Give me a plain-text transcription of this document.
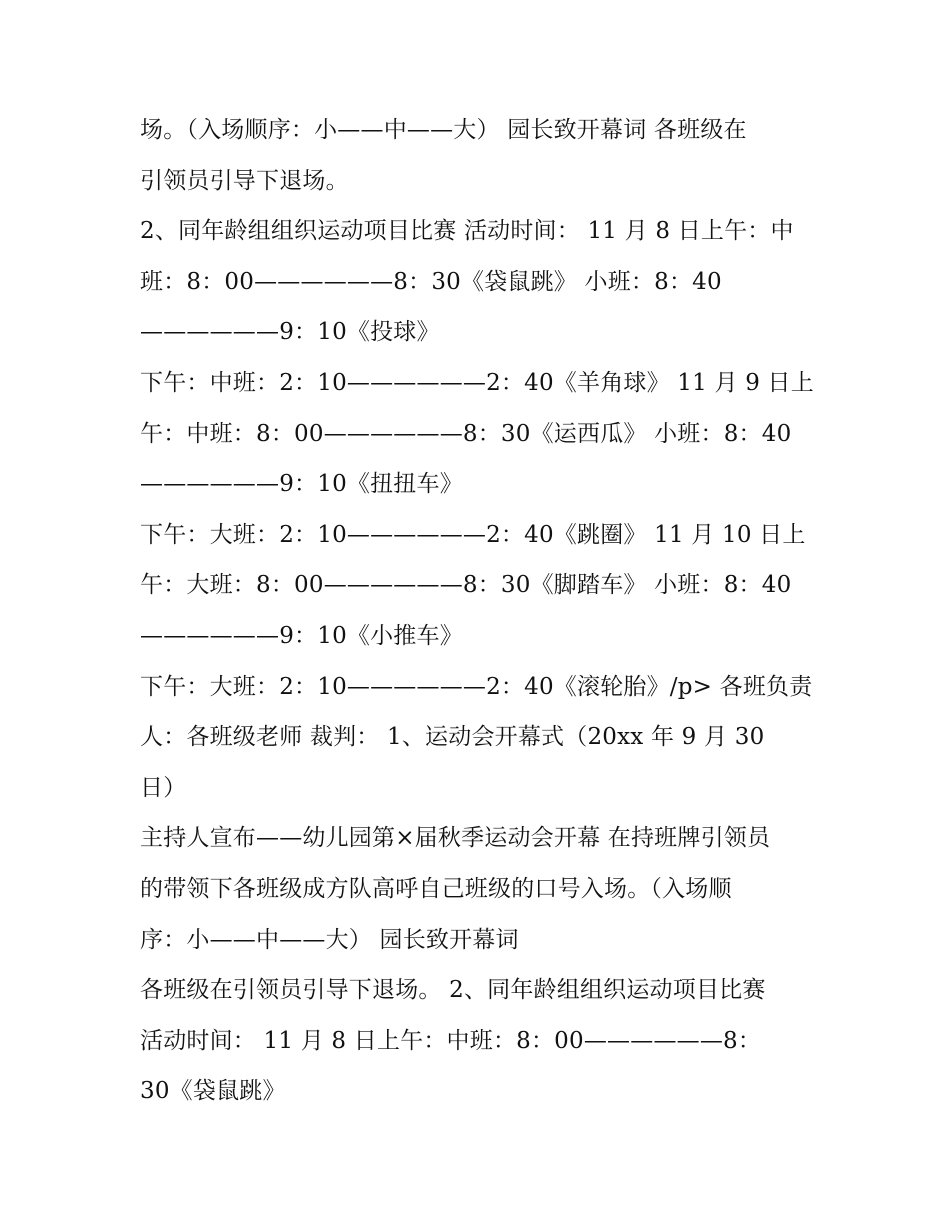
场。（入场顺序：小——中——大） 园长致开幕词 各班级在
引领员引导下退场。
2、同年龄组组织运动项目比赛 活动时间： 11 月 8 日上午：中
班：8：00——————8：30《袋鼠跳》 小班：8：40
——————9：10《投球》
下午：中班：2：10——————2：40《羊角球》 11 月 9 日上
午：中班：8：00——————8：30《运西瓜》 小班：8：40
——————9：10《扭扭车》
下午：大班：2：10——————2：40《跳圈》 11 月 10 日上
午：大班：8：00——————8：30《脚踏车》 小班：8：40
——————9：10《小推车》
下午：大班：2：10——————2：40《滚轮胎》/p> 各班负责
人：各班级老师 裁判： 1、运动会开幕式（20xx 年 9 月 30
日）
主持人宣布——幼儿园第×届秋季运动会开幕 在持班牌引领员
的带领下各班级成方队高呼自己班级的口号入场。（入场顺
序：小——中——大） 园长致开幕词
各班级在引领员引导下退场。 2、同年龄组组织运动项目比赛
活动时间： 11 月 8 日上午：中班：8：00——————8：
30《袋鼠跳》
